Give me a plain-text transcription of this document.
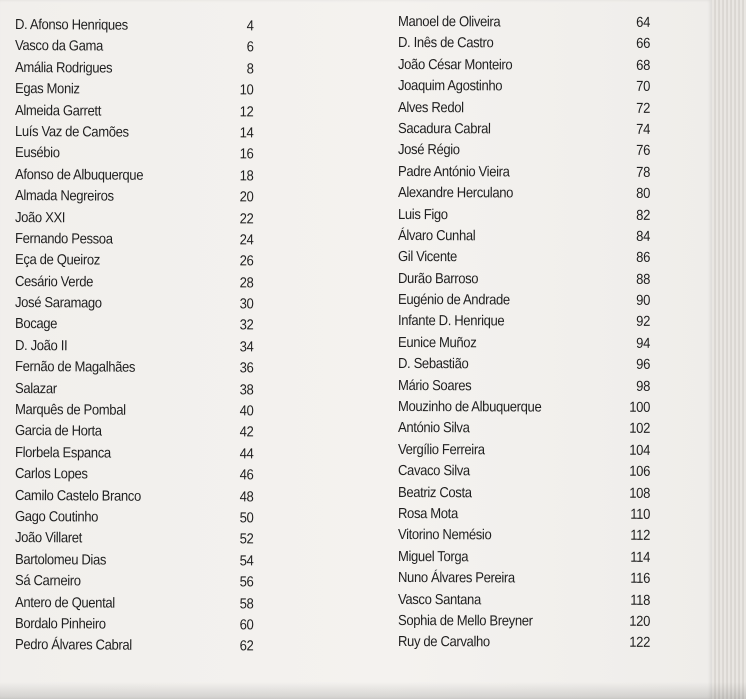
D. Afonso Henriques	4
Vasco da Gama	6
Amália Rodrigues	8
Egas Moniz	10
Almeida Garrett	12
Luís Vaz de Camões	14
Eusébio	16
Afonso de Albuquerque	18
Almada Negreiros	20
João XXI	22
Fernando Pessoa	24
Eça de Queiroz	26
Cesário Verde	28
José Saramago	30
Bocage	32
D. João II	34
Fernão de Magalhães	36
Salazar	38
Marquês de Pombal	40
Garcia de Horta	42
Florbela Espanca	44
Carlos Lopes	46
Camilo Castelo Branco	48
Gago Coutinho	50
João Villaret	52
Bartolomeu Dias	54
Sá Carneiro	56
Antero de Quental	58
Bordalo Pinheiro	60
Pedro Álvares Cabral	62
Manoel de Oliveira	64
D. Inês de Castro	66
João César Monteiro	68
Joaquim Agostinho	70
Alves Redol	72
Sacadura Cabral	74
José Régio	76
Padre António Vieira	78
Alexandre Herculano	80
Luis Figo	82
Álvaro Cunhal	84
Gil Vicente	86
Durão Barroso	88
Eugénio de Andrade	90
Infante D. Henrique	92
Eunice Muñoz	94
D. Sebastião	96
Mário Soares	98
Mouzinho de Albuquerque	100
António Silva	102
Vergílio Ferreira	104
Cavaco Silva	106
Beatriz Costa	108
Rosa Mota	110
Vitorino Nemésio	112
Miguel Torga	114
Nuno Álvares Pereira	116
Vasco Santana	118
Sophia de Mello Breyner	120
Ruy de Carvalho	122
